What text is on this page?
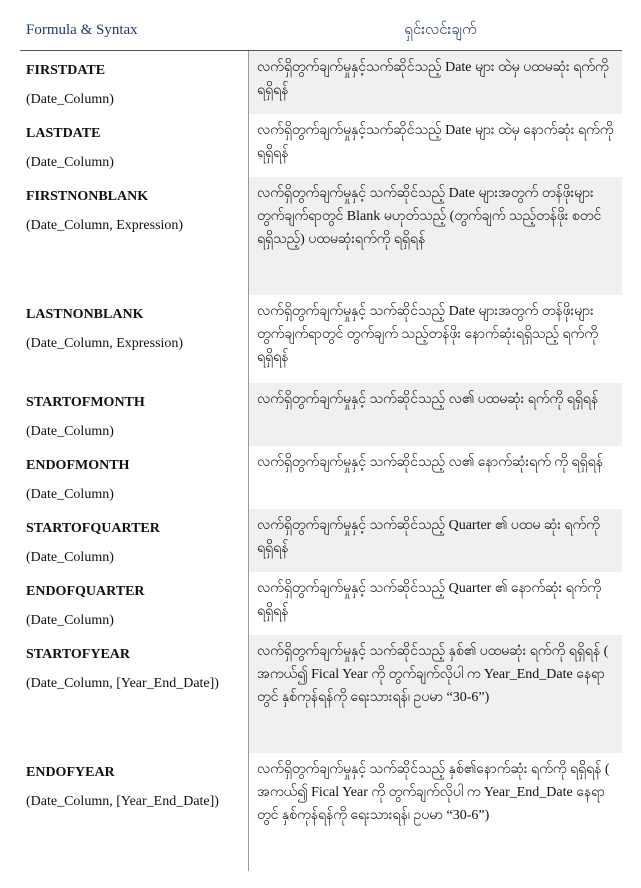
Formula & Syntax	ရှင်းလင်းချက်
FIRSTDATE
(Date_Column)
လက်ရှိတွက်ချက်မှုနှင့်သက်ဆိုင်သည့် Date များ ထဲမှ ပထမဆုံး ရက်ကိုရရှိရန်
LASTDATE
(Date_Column)
လက်ရှိတွက်ချက်မှုနှင့်သက်ဆိုင်သည့် Date များ ထဲမှ နောက်ဆုံး ရက်ကိုရရှိရန်
FIRSTNONBLANK
(Date_Column, Expression)
လက်ရှိတွက်ချက်မှုနှင့် သက်ဆိုင်သည့် Date များအတွက် တန်ဖိုးများ တွက်ချက်ရာတွင် Blank မဟုတ်သည့် (တွက်ချက် သည့်တန်ဖိုး စတင်ရရှိသည့်) ပထမဆုံးရက်ကို ရရှိရန်
LASTNONBLANK
(Date_Column, Expression)
လက်ရှိတွက်ချက်မှုနှင့် သက်ဆိုင်သည့် Date များအတွက် တန်ဖိုးများ တွက်ချက်ရာတွင် တွက်ချက် သည့်တန်ဖိုး နောက်ဆုံးရရှိသည့် ရက်ကို ရရှိရန်
STARTOFMONTH
(Date_Column)
လက်ရှိတွက်ချက်မှုနှင့် သက်ဆိုင်သည့် လ၏ ပထမဆုံး ရက်ကို ရရှိရန်
ENDOFMONTH
(Date_Column)
လက်ရှိတွက်ချက်မှုနှင့် သက်ဆိုင်သည့် လ၏ နောက်ဆုံးရက် ကို ရရှိရန်
STARTOFQUARTER
(Date_Column)
လက်ရှိတွက်ချက်မှုနှင့် သက်ဆိုင်သည့် Quarter ၏ ပထမ ဆုံး ရက်ကို ရရှိရန်
ENDOFQUARTER
(Date_Column)
လက်ရှိတွက်ချက်မှုနှင့် သက်ဆိုင်သည့် Quarter ၏ နောက်ဆုံး ရက်ကို ရရှိရန်
STARTOFYEAR
(Date_Column, [Year_End_Date])
လက်ရှိတွက်ချက်မှုနှင့် သက်ဆိုင်သည့် နှစ်၏ ပထမဆုံး ရက်ကို ရရှိရန် ( အကယ်၍ Fical Year ကို တွက်ချက်လိုပါ က Year_End_Date နေရာတွင် နှစ်ကုန်ရန်ကို ရေးသားရန်၊ ဥပမာ “30-6”)
ENDOFYEAR
(Date_Column, [Year_End_Date])
လက်ရှိတွက်ချက်မှုနှင့် သက်ဆိုင်သည့် နှစ်၏နောက်ဆုံး ရက်ကို ရရှိရန် ( အကယ်၍ Fical Year ကို တွက်ချက်လိုပါ က Year_End_Date နေရာတွင် နှစ်ကုန်ရန်ကို ရေးသားရန်၊ ဥပမာ “30-6”)
